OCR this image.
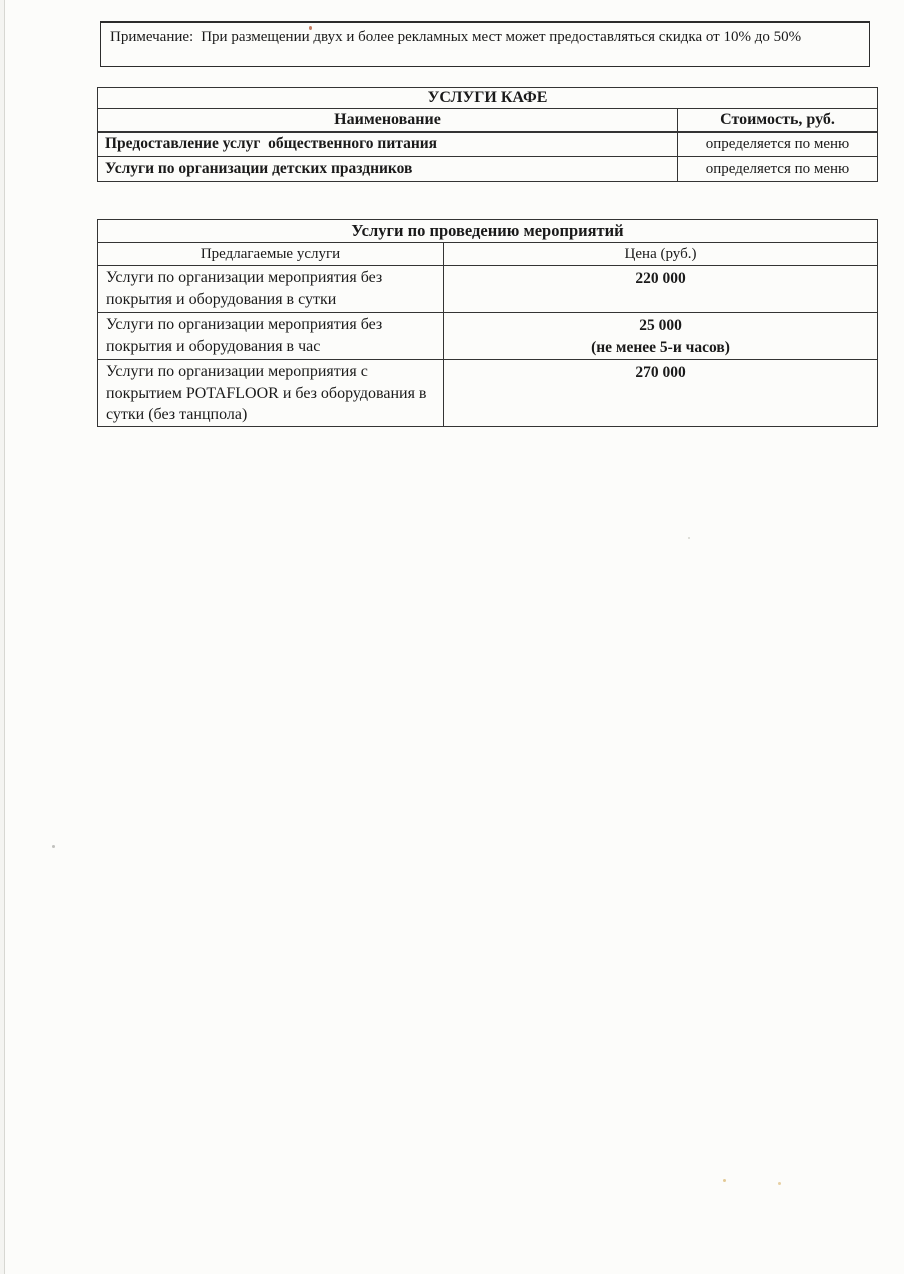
Примечание: При размещении двух и более рекламных мест может предоставляться скидка от 10% до 50%
УСЛУГИ КАФЕ	
Наименование	Стоимость, руб.
Предоставление услуг  общественного питания	определяется по меню
Услуги по организации детских праздников	определяется по меню
Услуги по проведению мероприятий	
Предлагаемые услуги	Цена (руб.)
Услуги по организации мероприятия без покрытия и оборудования в сутки	220 000

Услуги по организации мероприятия без покрытия и оборудования в час	25 000
(не менее 5-и часов)

Услуги по организации мероприятия с покрытием POTAFLOOR и без оборудования в сутки (без танцпола)	270 000
